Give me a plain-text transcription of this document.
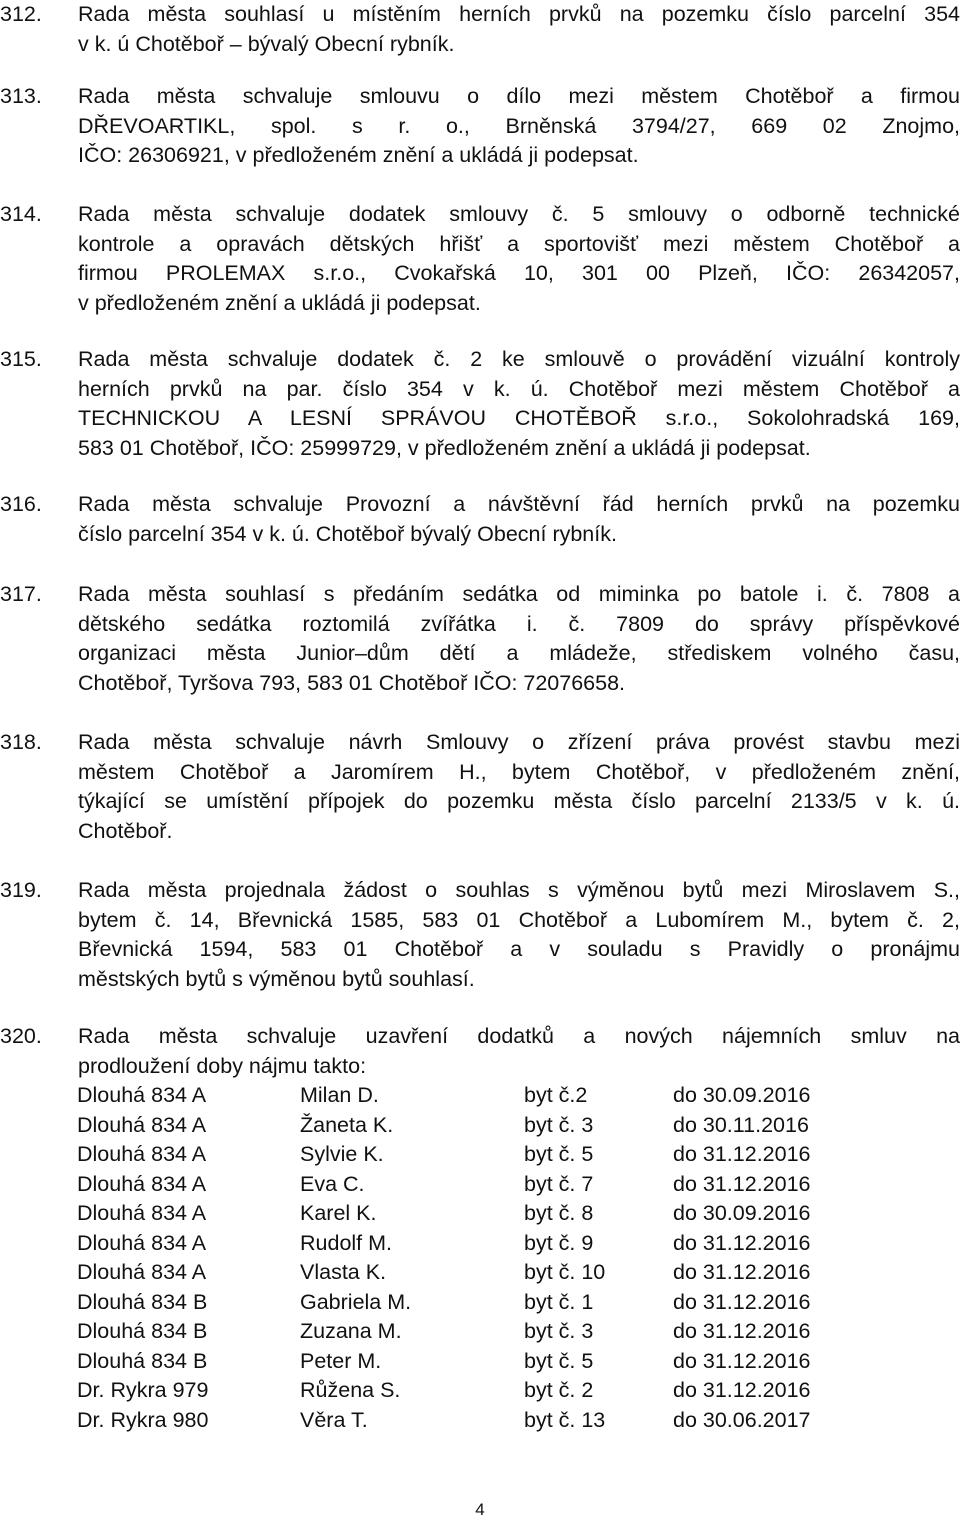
312. Rada města souhlasí u místěním herních prvků na pozemku číslo parcelní 354
v k. ú Chotěboř – bývalý Obecní rybník.
313. Rada města schvaluje smlouvu o dílo mezi městem Chotěboř a firmou
DŘEVOARTIKL, spol. s r. o., Brněnská 3794/27, 669 02 Znojmo,
IČO: 26306921, v předloženém znění a ukládá ji podepsat.
314. Rada města schvaluje dodatek smlouvy č. 5 smlouvy o odborně technické
kontrole a opravách dětských hřišť a sportovišť mezi městem Chotěboř a
firmou PROLEMAX s.r.o., Cvokařská 10, 301 00 Plzeň, IČO: 26342057,
v předloženém znění a ukládá ji podepsat.
315. Rada města schvaluje dodatek č. 2 ke smlouvě o provádění vizuální kontroly
herních prvků na par. číslo 354 v k. ú. Chotěboř mezi městem Chotěboř a
TECHNICKOU A LESNÍ SPRÁVOU CHOTĚBOŘ s.r.o., Sokolohradská 169,
583 01 Chotěboř, IČO: 25999729, v předloženém znění a ukládá ji podepsat.
316. Rada města schvaluje Provozní a návštěvní řád herních prvků na pozemku
číslo parcelní 354 v k. ú. Chotěboř bývalý Obecní rybník.
317. Rada města souhlasí s předáním sedátka od miminka po batole i. č. 7808 a
dětského sedátka roztomilá zvířátka i. č. 7809 do správy příspěvkové
organizaci města Junior–dům dětí a mládeže, střediskem volného času,
Chotěboř, Tyršova 793, 583 01 Chotěboř IČO: 72076658.
318. Rada města schvaluje návrh Smlouvy o zřízení práva provést stavbu mezi
městem Chotěboř a Jaromírem H., bytem Chotěboř, v předloženém znění,
týkající se umístění přípojek do pozemku města číslo parcelní 2133/5 v k. ú.
Chotěboř.
319. Rada města projednala žádost o souhlas s výměnou bytů mezi Miroslavem S.,
bytem č. 14, Břevnická 1585, 583 01 Chotěboř a Lubomírem M., bytem č. 2,
Břevnická 1594, 583 01 Chotěboř a v souladu s Pravidly o pronájmu
městských bytů s výměnou bytů souhlasí.
320. Rada města schvaluje uzavření dodatků a nových nájemních smluv na
prodloužení doby nájmu takto:
Dlouhá 834 A	Milan D.	byt č.2	do 30.09.2016
Dlouhá 834 A	Žaneta K.	byt č. 3	do 30.11.2016
Dlouhá 834 A	Sylvie K.	byt č. 5	do 31.12.2016
Dlouhá 834 A	Eva C.	byt č. 7	do 31.12.2016
Dlouhá 834 A	Karel K.	byt č. 8	do 30.09.2016
Dlouhá 834 A	Rudolf M.	byt č. 9	do 31.12.2016
Dlouhá 834 A	Vlasta K.	byt č. 10	do 31.12.2016
Dlouhá 834 B	Gabriela M.	byt č. 1	do 31.12.2016
Dlouhá 834 B	Zuzana M.	byt č. 3	do 31.12.2016
Dlouhá 834 B	Peter M.	byt č. 5	do 31.12.2016
Dr. Rykra 979	Růžena S.	byt č. 2	do 31.12.2016
Dr. Rykra 980	Věra T.	byt č. 13	do 30.06.2017
4
